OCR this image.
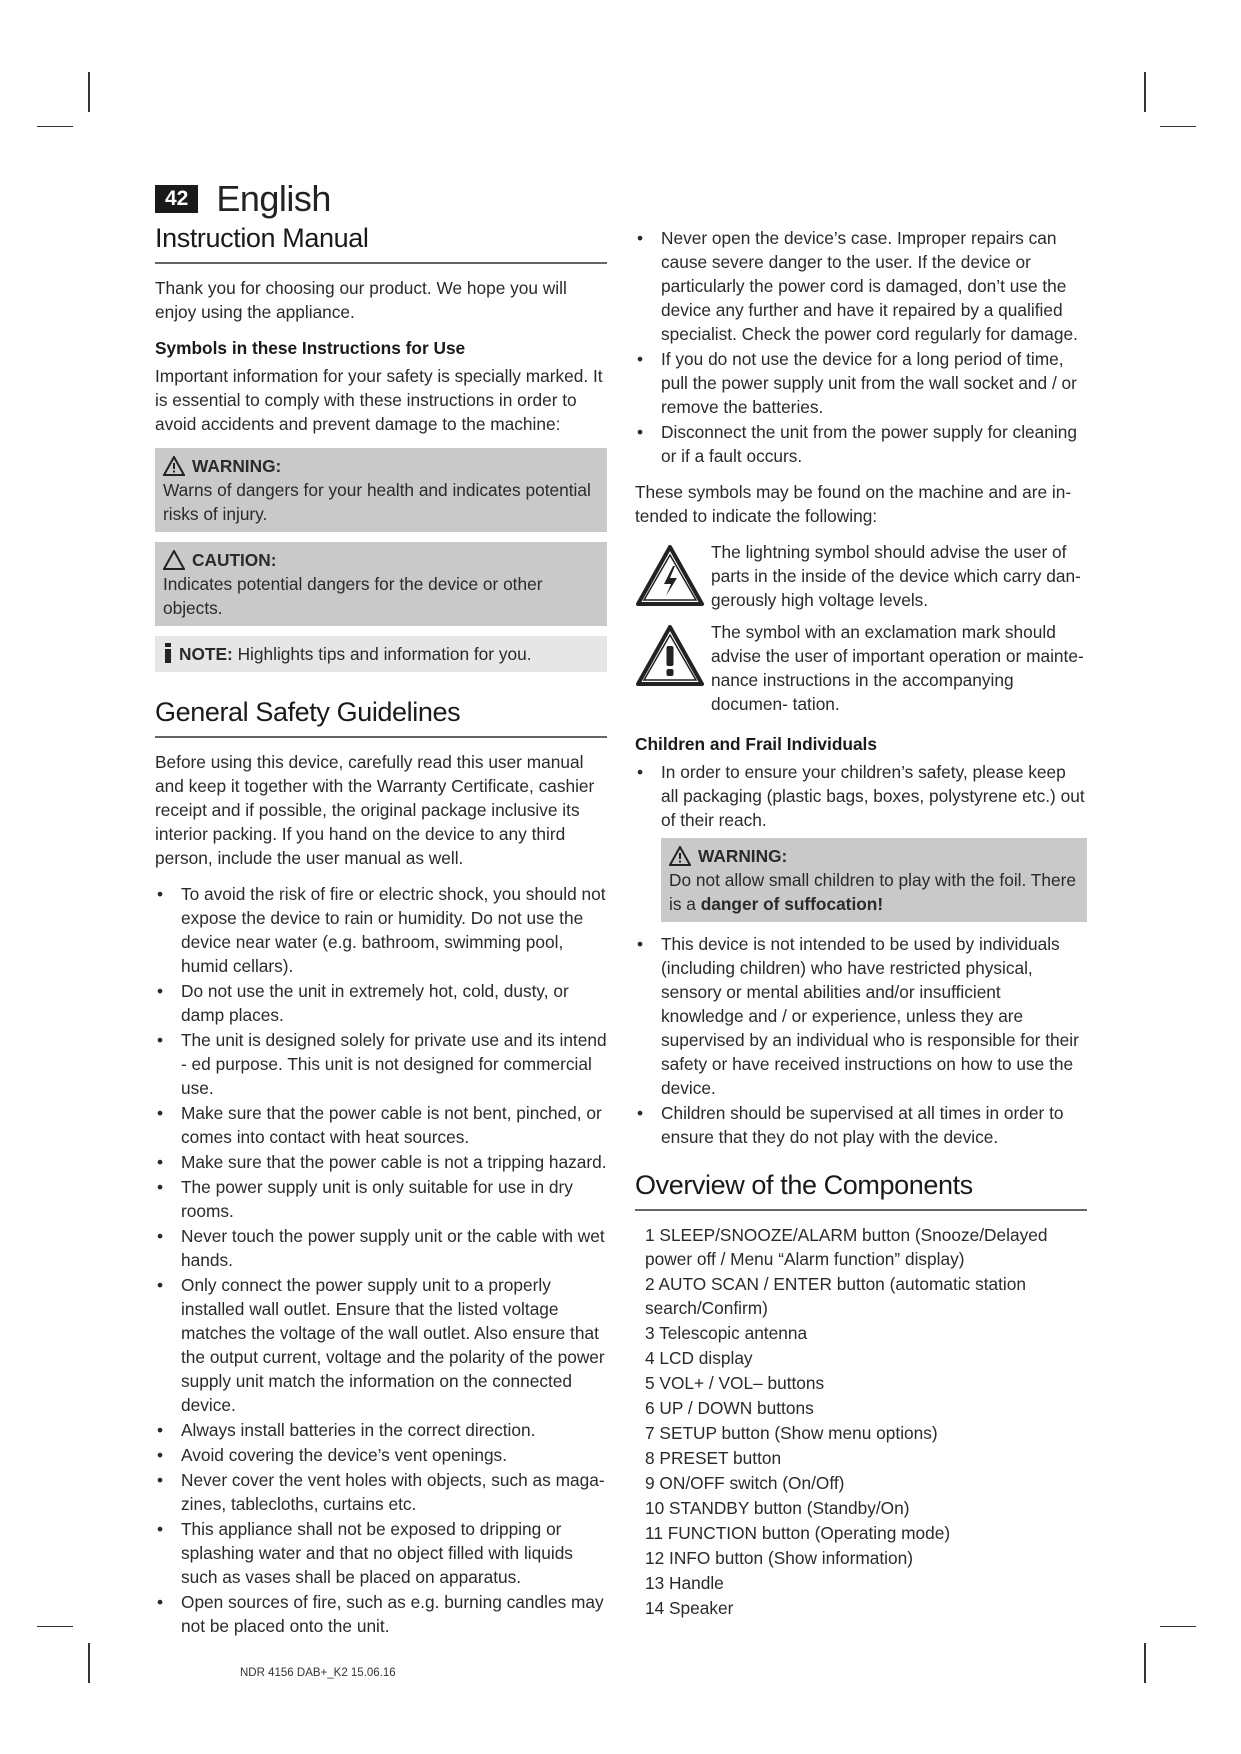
42 English
Instruction Manual

Thank you for choosing our product. We hope you will enjoy using the appliance.

Symbols in these Instructions for Use

Important information for your safety is specially marked. It is essential to comply with these instructions in order to avoid accidents and prevent damage to the machine:

WARNING:
Warns of dangers for your health and indicates potential risks of injury.
CAUTION:
Indicates potential dangers for the device or other objects.
NOTE: Highlights tips and information for you.
General Safety Guidelines

Before using this device, carefully read this user manual and keep it together with the Warranty Certificate, cashier receipt and if possible, the original package inclusive its interior packing. If you hand on the device to any third person, include the user manual as well.

• To avoid the risk of fire or electric shock, you should not expose the device to rain or humidity. Do not use the device near water (e.g. bathroom, swimming pool, humid cellars).
• Do not use the unit in extremely hot, cold, dusty, or damp places.
• The unit is designed solely for private use and its intend - ed purpose. This unit is not designed for commercial use.
• Make sure that the power cable is not bent, pinched, or comes into contact with heat sources.
• Make sure that the power cable is not a tripping hazard.
• The power supply unit is only suitable for use in dry rooms.
• Never touch the power supply unit or the cable with wet hands.
• Only connect the power supply unit to a properly installed wall outlet. Ensure that the listed voltage matches the voltage of the wall outlet. Also ensure that the output current, voltage and the polarity of the power supply unit match the information on the connected device.
• Always install batteries in the correct direction.
• Avoid covering the device’s vent openings.
• Never cover the vent holes with objects, such as maga- zines, tablecloths, curtains etc.
• This appliance shall not be exposed to dripping or splashing water and that no object filled with liquids such as vases shall be placed on apparatus.
• Open sources of fire, such as e.g. burning candles may not be placed onto the unit.
• Never open the device’s case. Improper repairs can cause severe danger to the user. If the device or particularly the power cord is damaged, don’t use the device any further and have it repaired by a qualified specialist. Check the power cord regularly for damage.
• If you do not use the device for a long period of time, pull the power supply unit from the wall socket and / or remove the batteries.
• Disconnect the unit from the power supply for cleaning or if a fault occurs.

These symbols may be found on the machine and are in- tended to indicate the following:

The lightning symbol should advise the user of parts in the inside of the device which carry dan- gerously high voltage levels.
The symbol with an exclamation mark should advise the user of important operation or mainte- nance instructions in the accompanying documen- tation.
Children and Frail Individuals
• In order to ensure your children’s safety, please keep all packaging (plastic bags, boxes, polystyrene etc.) out of their reach.
WARNING:
Do not allow small children to play with the foil. There is a danger of suffocation!
• This device is not intended to be used by individuals (including children) who have restricted physical, sensory or mental abilities and/or insufficient knowledge and / or experience, unless they are supervised by an individual who is responsible for their safety or have received instructions on how to use the device.
• Children should be supervised at all times in order to ensure that they do not play with the device.
Overview of the Components
1 SLEEP/SNOOZE/ALARM button (Snooze/Delayed power off / Menu “Alarm function” display)
2 AUTO SCAN / ENTER button (automatic station search/Confirm)
3 Telescopic antenna
4 LCD display
5 VOL+ / VOL– buttons
6 UP / DOWN buttons
7 SETUP button (Show menu options)
8 PRESET button
9 ON/OFF switch (On/Off)
10 STANDBY button (Standby/On)
11 FUNCTION button (Operating mode)
12 INFO button (Show information)
13 Handle
14 Speaker
NDR 4156 DAB+_K2 15.06.16
